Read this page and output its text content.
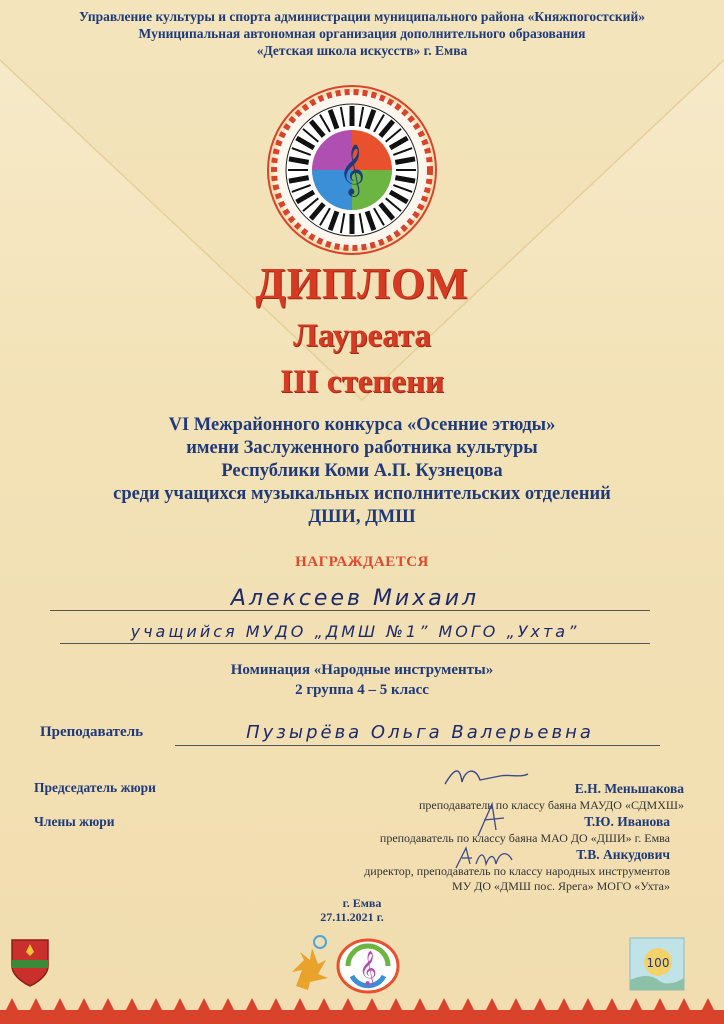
Управление культуры и спорта администрации муниципального района «Княжпогостский»
Муниципальная автономная организация дополнительного образования
«Детская школа искусств» г. Емва
𝄞
ДИПЛОМ
Лауреата
III степени
VI Межрайонного конкурса «Осенние этюды»
имени Заслуженного работника культуры
Республики Коми А.П. Кузнецова
среди учащихся музыкальных исполнительских отделений
ДШИ, ДМШ
НАГРАЖДАЕТСЯ
Алексеев Михаил
учащийся МУДО „ДМШ №1” МОГО „Ухта”
Номинация «Народные инструменты»
2 группа 4 – 5 класс
Преподаватель	Пузырёва Ольга Валерьевна
Председатель жюри
Члены жюри
Е.Н. Меньшакова
преподаватель по классу баяна МАУДО «СДМХШ»
Т.Ю. Иванова
преподаватель по классу баяна МАО ДО «ДШИ» г. Емва
Т.В. Анкудович
директор, преподаватель по классу народных инструментов
МУ ДО «ДМШ пос. Ярега» МОГО «Ухта»
г. Емва
27.11.2021 г.
𝄞	100
